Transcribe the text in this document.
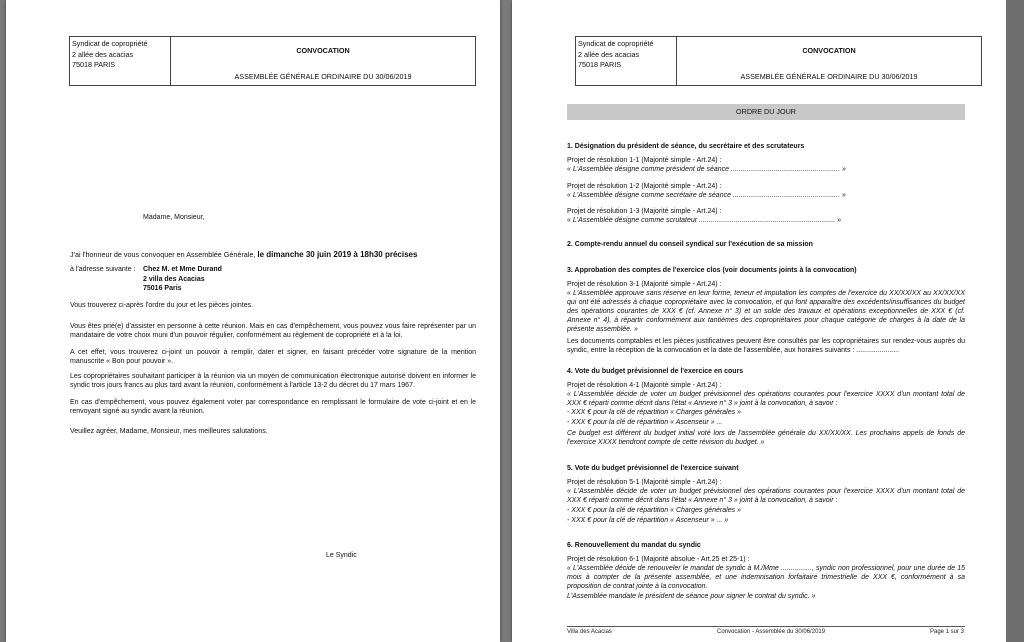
Syndicat de copropriété
2 allée des acacias
75018 PARIS
CONVOCATION
ASSEMBLÉE GÉNÉRALE ORDINAIRE DU 30/06/2019
Madame, Monsieur,
J'ai l'honneur de vous convoquer en Assemblée Générale, le dimanche 30 juin 2019 à 18h30 précises
à l'adresse suivante : Chez M. et Mme Durand
2 villa des Acacias
75016 Paris
Vous trouverez ci-après l'ordre du jour et les pièces jointes.
Vous êtes prié(e) d'assister en personne à cette réunion. Mais en cas d'empêchement, vous pouvez vous faire représenter par un mandataire de votre choix muni d'un pouvoir régulier, conformément au règlement de copropriété et à la loi.
A cet effet, vous trouverez ci-joint un pouvoir à remplir, dater et signer, en faisant précéder votre signature de la mention manuscrite « Bon pour pouvoir ».
Les copropriétaires souhaitant participer à la réunion via un moyen de communication électronique autorisé doivent en informer le syndic trois jours francs au plus tard avant la réunion, conformément à l'article 13-2 du décret du 17 mars 1967.
En cas d'empêchement, vous pouvez également voter par correspondance en remplissant le formulaire de vote ci-joint et en le renvoyant signé au syndic avant la réunion.
Veuillez agréer, Madame, Monsieur, mes meilleures salutations.
Le Syndic
Syndicat de copropriété
2 allée des acacias
75018 PARIS
CONVOCATION
ASSEMBLÉE GÉNÉRALE ORDINAIRE DU 30/06/2019
ORDRE DU JOUR
1. Désignation du président de séance, du secrétaire et des scrutateurs
Projet de résolution 1-1 (Majorité simple - Art.24) :
« L'Assemblée désigne comme président de séance ........................................................ »
Projet de résolution 1-2 (Majorité simple - Art.24) :
« L'Assemblée désigne comme secrétaire de séance ....................................................... »
Projet de résolution 1-3 (Majorité simple - Art.24) :
« L'Assemblée désigne comme scrutateur ...................................................................... »
2. Compte-rendu annuel du conseil syndical sur l'exécution de sa mission
3. Approbation des comptes de l'exercice clos (voir documents joints à la convocation)
Projet de résolution 3-1 (Majorité simple - Art.24) :
« L'Assemblée approuve sans réserve en leur forme, teneur et imputation les comptes de l'exercice du XX/XX/XX au XX/XX/XX qui ont été adressés à chaque copropriétaire avec la convocation, et qui font apparaître des excédents/insuffisances du budget des opérations courantes de XXX € (cf. Annexe n° 3) et un solde des travaux et opérations exceptionnelles de XXX € (cf. Annexe n° 4), à répartir conformément aux tantièmes des copropriétaires pour chaque catégorie de charges à la date de la présente assemblée. »
Les documents comptables et les pièces justificatives peuvent être consultés par les copropriétaires sur rendez-vous auprès du syndic, entre la réception de la convocation et la date de l'assemblée, aux horaires suivants : ......................
4. Vote du budget prévisionnel de l'exercice en cours
Projet de résolution 4-1 (Majorité simple - Art.24) :
« L'Assemblée décide de voter un budget prévisionnel des opérations courantes pour l'exercice XXXX d'un montant total de XXX € réparti comme décrit dans l'état « Annexe n° 3 » joint à la convocation, à savoir :
- XXX € pour la clé de répartition « Charges générales »
- XXX € pour la clé de répartition « Ascenseur » ...
Ce budget est différent du budget initial voté lors de l'assemblée générale du XX/XX/XX. Les prochains appels de fonds de l'exercice XXXX tiendront compte de cette révision du budget. »
5. Vote du budget prévisionnel de l'exercice suivant
Projet de résolution 5-1 (Majorité simple - Art.24) :
« L'Assemblée décide de voter un budget prévisionnel des opérations courantes pour l'exercice XXXX d'un montant total de XXX € réparti comme décrit dans l'état « Annexe n° 3 » joint à la convocation, à savoir :
- XXX € pour la clé de répartition « Charges générales »
- XXX € pour la clé de répartition « Ascenseur » ... »
6. Renouvellement du mandat du syndic
Projet de résolution 6-1 (Majorité absolue - Art.25 et 25-1) :
« L'Assemblée décide de renouveler le mandat de syndic à M./Mme ................, syndic non professionnel, pour une durée de 15 mois à compter de la présente assemblée, et une indemnisation forfaitaire trimestrielle de XXX €, conformément à sa proposition de contrat jointe à la convocation.
L'Assemblée mandate le président de séance pour signer le contrat du syndic. »
Villa des Acacias	Convocation - Assemblée du 30/06/2019	Page 1 sur 3
